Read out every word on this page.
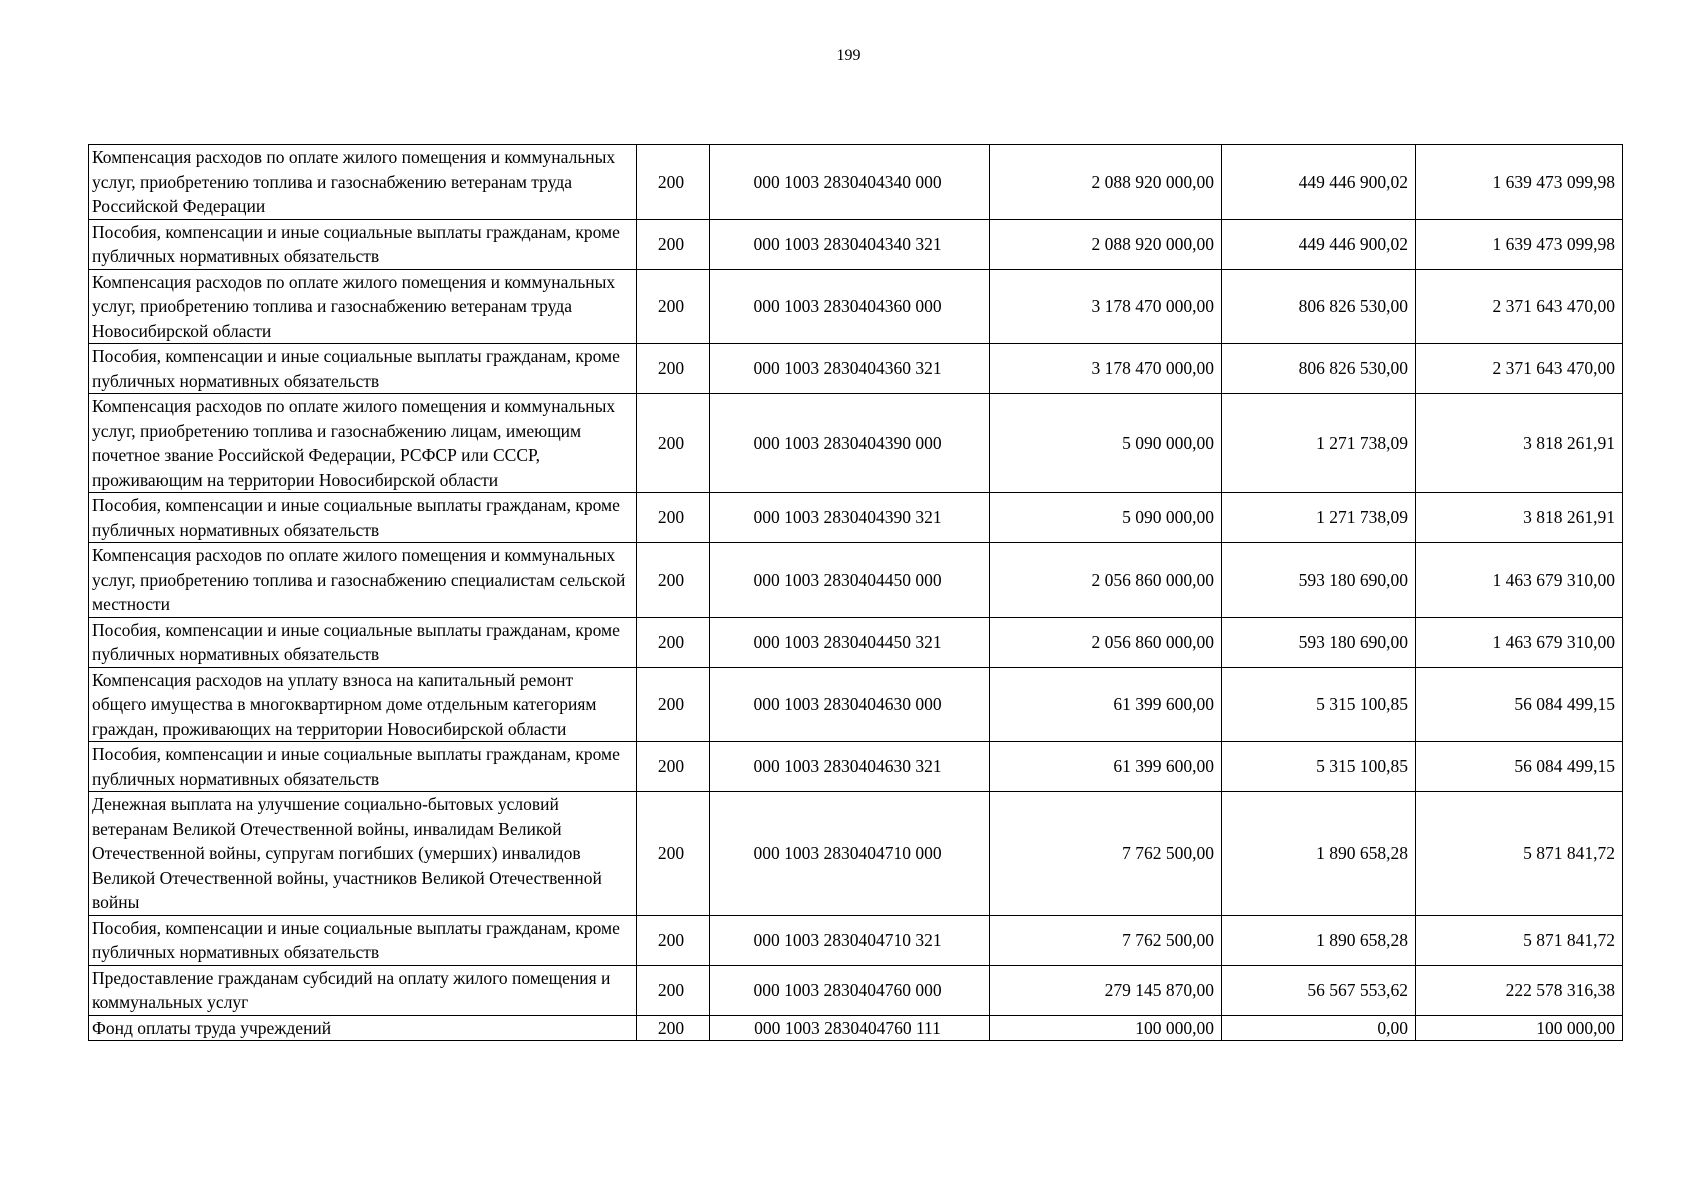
199
Компенсация расходов по оплате жилого помещения и коммунальных услуг, приобретению топлива и газоснабжению ветеранам труда Российской Федерации	200	000 1003 2830404340 000	2 088 920 000,00	449 446 900,02	1 639 473 099,98
Пособия, компенсации и иные социальные выплаты гражданам, кроме публичных нормативных обязательств	200	000 1003 2830404340 321	2 088 920 000,00	449 446 900,02	1 639 473 099,98
Компенсация расходов по оплате жилого помещения и коммунальных услуг, приобретению топлива и газоснабжению ветеранам труда Новосибирской области	200	000 1003 2830404360 000	3 178 470 000,00	806 826 530,00	2 371 643 470,00
Пособия, компенсации и иные социальные выплаты гражданам, кроме публичных нормативных обязательств	200	000 1003 2830404360 321	3 178 470 000,00	806 826 530,00	2 371 643 470,00
Компенсация расходов по оплате жилого помещения и коммунальных услуг, приобретению топлива и газоснабжению лицам, имеющим почетное звание Российской Федерации, РСФСР или СССР, проживающим на территории Новосибирской области	200	000 1003 2830404390 000	5 090 000,00	1 271 738,09	3 818 261,91
Пособия, компенсации и иные социальные выплаты гражданам, кроме публичных нормативных обязательств	200	000 1003 2830404390 321	5 090 000,00	1 271 738,09	3 818 261,91
Компенсация расходов по оплате жилого помещения и коммунальных услуг, приобретению топлива и газоснабжению специалистам сельской местности	200	000 1003 2830404450 000	2 056 860 000,00	593 180 690,00	1 463 679 310,00
Пособия, компенсации и иные социальные выплаты гражданам, кроме публичных нормативных обязательств	200	000 1003 2830404450 321	2 056 860 000,00	593 180 690,00	1 463 679 310,00
Компенсация расходов на уплату взноса на капитальный ремонт общего имущества в многоквартирном доме отдельным категориям граждан, проживающих на территории Новосибирской области	200	000 1003 2830404630 000	61 399 600,00	5 315 100,85	56 084 499,15
Пособия, компенсации и иные социальные выплаты гражданам, кроме публичных нормативных обязательств	200	000 1003 2830404630 321	61 399 600,00	5 315 100,85	56 084 499,15
Денежная выплата на улучшение социально-бытовых условий ветеранам Великой Отечественной войны, инвалидам Великой Отечественной войны, супругам погибших (умерших) инвалидов Великой Отечественной войны, участников Великой Отечественной войны	200	000 1003 2830404710 000	7 762 500,00	1 890 658,28	5 871 841,72
Пособия, компенсации и иные социальные выплаты гражданам, кроме публичных нормативных обязательств	200	000 1003 2830404710 321	7 762 500,00	1 890 658,28	5 871 841,72
Предоставление гражданам субсидий на оплату жилого помещения и коммунальных услуг	200	000 1003 2830404760 000	279 145 870,00	56 567 553,62	222 578 316,38
Фонд оплаты труда учреждений	200	000 1003 2830404760 111	100 000,00	0,00	100 000,00
